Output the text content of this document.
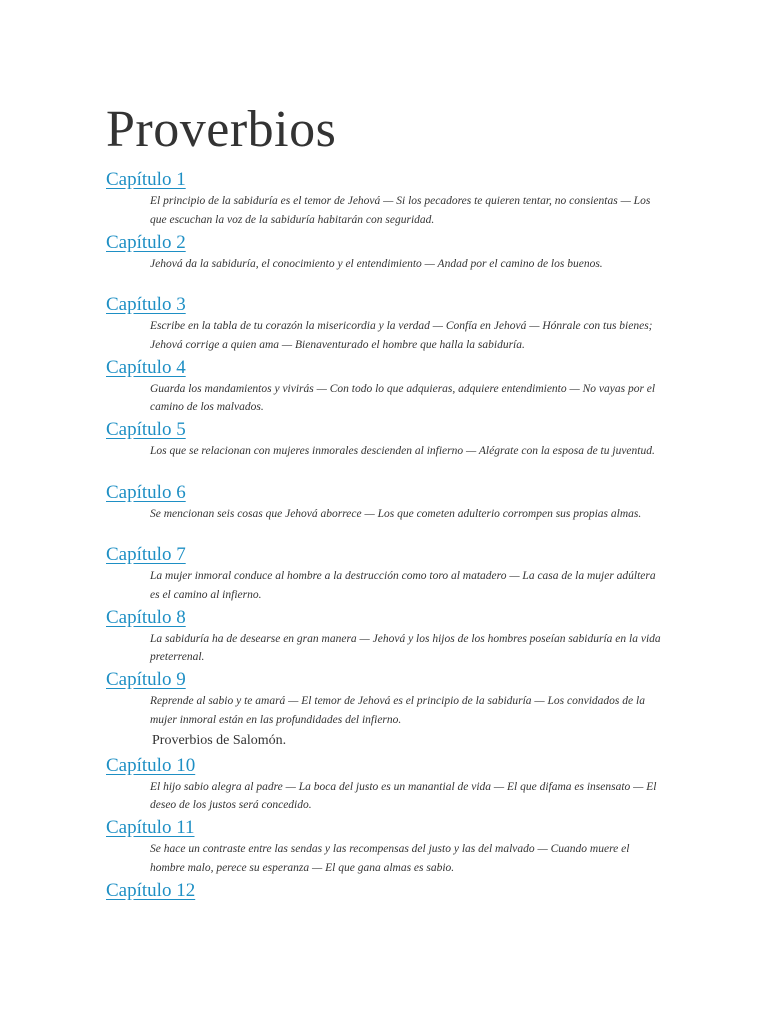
Proverbios
Capítulo 1

El principio de la sabiduría es el temor de Jehová — Si los pecadores te quieren tentar, no consientas — Los que escuchan la voz de la sabiduría habitarán con seguridad.

Capítulo 2

Jehová da la sabiduría, el conocimiento y el entendimiento — Andad por el camino de los buenos.

Capítulo 3

Escribe en la tabla de tu corazón la misericordia y la verdad — Confía en Jehová — Hónrale con tus bienes; Jehová corrige a quien ama — Bienaventurado el hombre que halla la sabiduría.

Capítulo 4

Guarda los mandamientos y vivirás — Con todo lo que adquieras, adquiere entendimiento — No vayas por el camino de los malvados.

Capítulo 5

Los que se relacionan con mujeres inmorales descienden al infierno — Alégrate con la esposa de tu juventud.

Capítulo 6

Se mencionan seis cosas que Jehová aborrece — Los que cometen adulterio corrompen sus propias almas.

Capítulo 7

La mujer inmoral conduce al hombre a la destrucción como toro al matadero — La casa de la mujer adúltera es el camino al infierno.

Capítulo 8

La sabiduría ha de desearse en gran manera — Jehová y los hijos de los hombres poseían sabiduría en la vida preterrenal.

Capítulo 9

Reprende al sabio y te amará — El temor de Jehová es el principio de la sabiduría — Los convidados de la mujer inmoral están en las profundidades del infierno.

Proverbios de Salomón.

Capítulo 10

El hijo sabio alegra al padre — La boca del justo es un manantial de vida — El que difama es insensato — El deseo de los justos será concedido.

Capítulo 11

Se hace un contraste entre las sendas y las recompensas del justo y las del malvado — Cuando muere el hombre malo, perece su esperanza — El que gana almas es sabio.

Capítulo 12
